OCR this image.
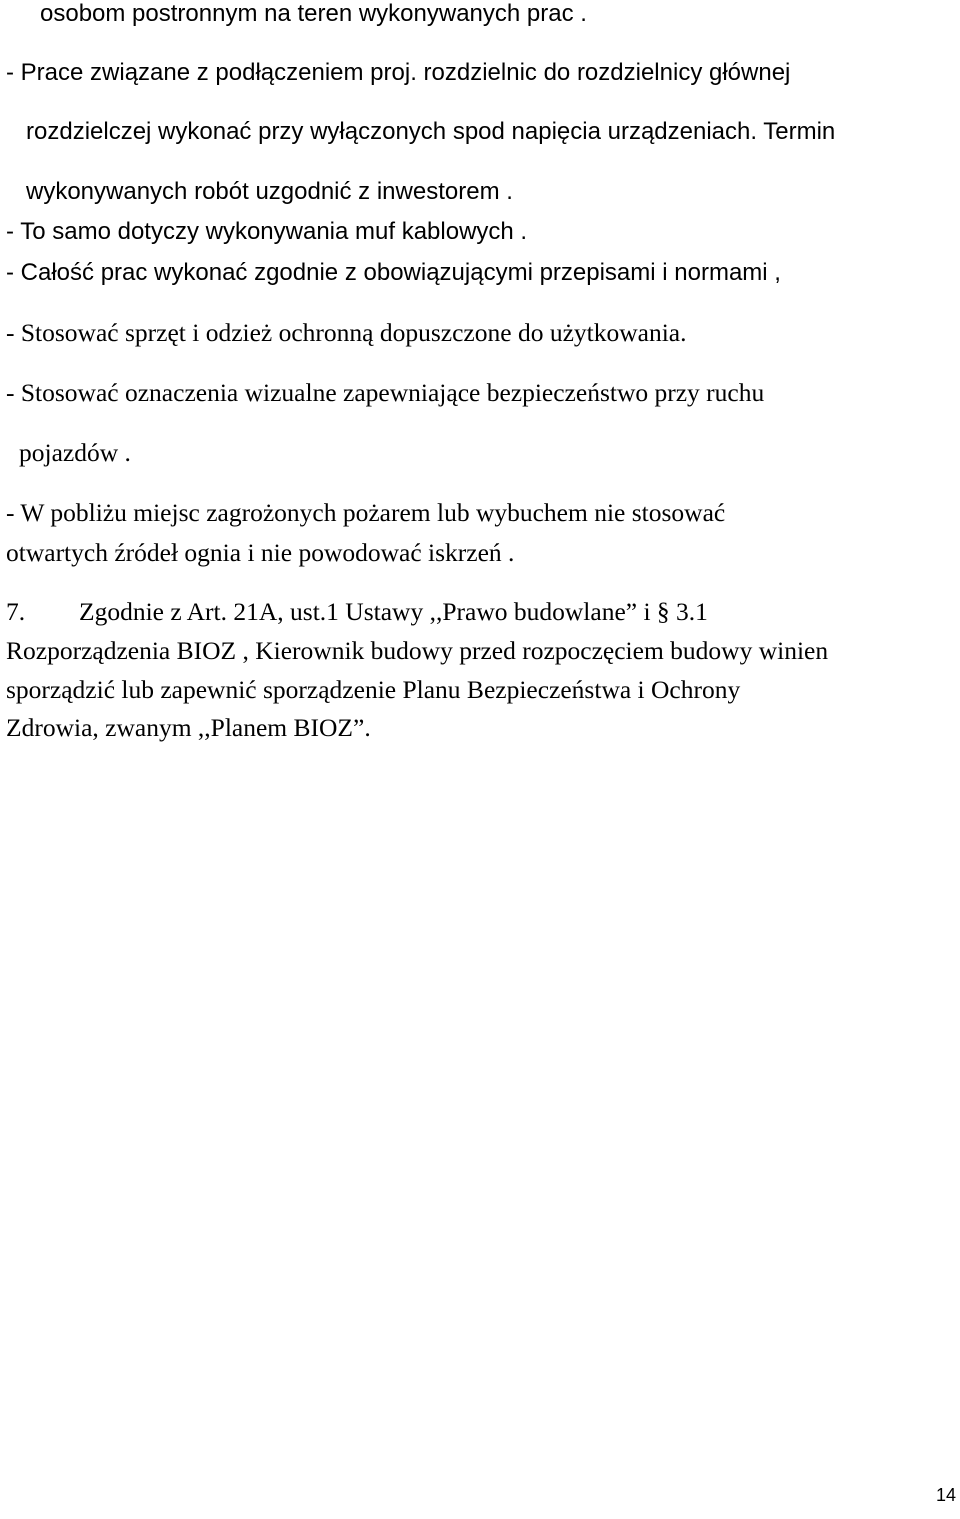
osobom postronnym na teren wykonywanych prac .

- Prace związane z podłączeniem proj. rozdzielnic do rozdzielnicy głównej

rozdzielczej wykonać przy wyłączonych spod napięcia urządzeniach. Termin

wykonywanych robót uzgodnić z inwestorem .

- To samo dotyczy wykonywania muf kablowych .

- Całość prac wykonać zgodnie z obowiązującymi przepisami i normami ,

- Stosować sprzęt i odzież ochronną dopuszczone do użytkowania.

- Stosować oznaczenia wizualne zapewniające bezpieczeństwo przy ruchu

pojazdów .

- W pobliżu miejsc zagrożonych pożarem lub wybuchem nie stosować

otwartych źródeł ognia i nie powodować iskrzeń .

7. Zgodnie z Art. 21A, ust.1 Ustawy ,,Prawo budowlane” i § 3.1

Rozporządzenia BIOZ , Kierownik budowy przed rozpoczęciem budowy winien

sporządzić lub zapewnić sporządzenie Planu Bezpieczeństwa i Ochrony

Zdrowia, zwanym ,,Planem BIOZ”.

14
